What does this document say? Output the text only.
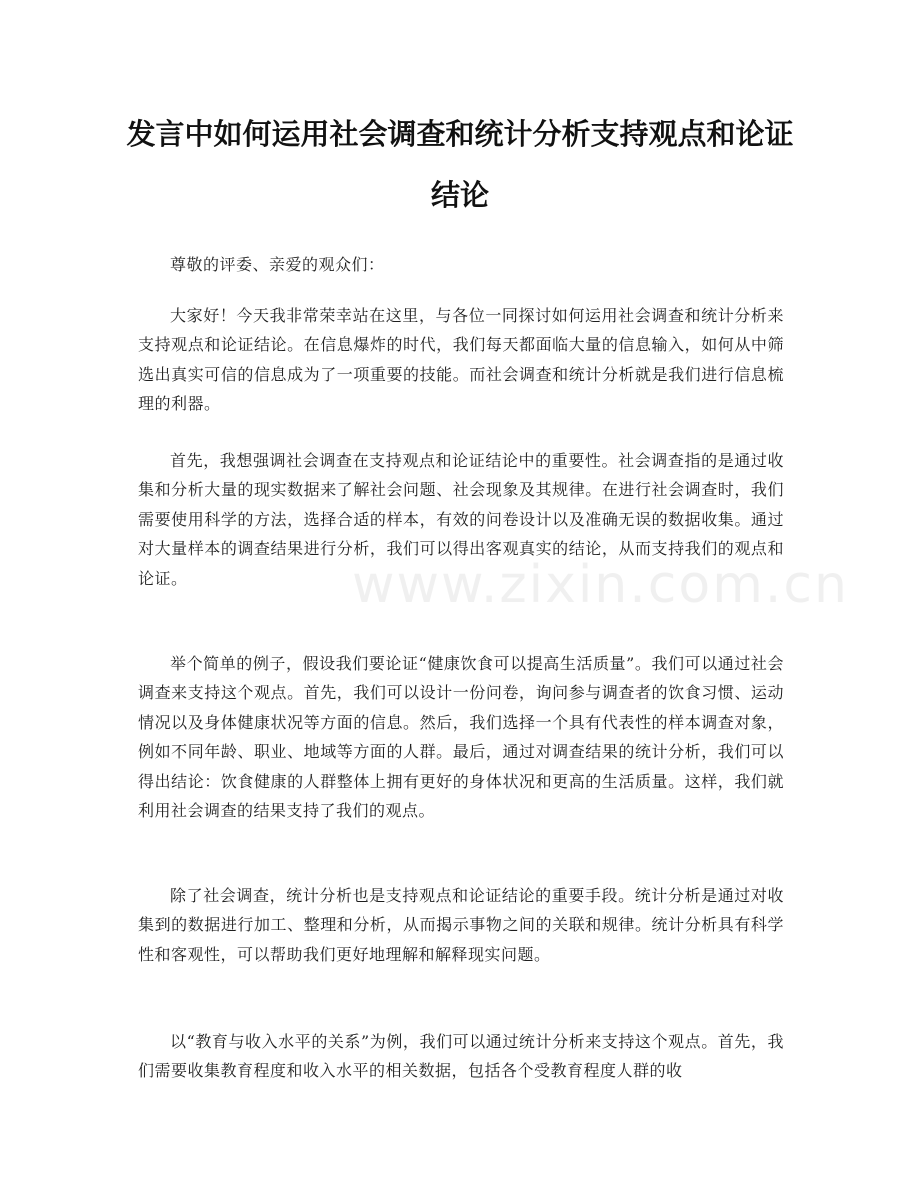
发言中如何运用社会调查和统计分析支持观点和论证结论
www.zixin.com.cn

尊敬的评委、亲爱的观众们：

大家好！今天我非常荣幸站在这里，与各位一同探讨如何运用社会调查和统计分析来支持观点和论证结论。在信息爆炸的时代，我们每天都面临大量的信息输入，如何从中筛选出真实可信的信息成为了一项重要的技能。而社会调查和统计分析就是我们进行信息梳理的利器。

首先，我想强调社会调查在支持观点和论证结论中的重要性。社会调查指的是通过收集和分析大量的现实数据来了解社会问题、社会现象及其规律。在进行社会调查时，我们需要使用科学的方法，选择合适的样本，有效的问卷设计以及准确无误的数据收集。通过对大量样本的调查结果进行分析，我们可以得出客观真实的结论，从而支持我们的观点和论证。

举个简单的例子，假设我们要论证“健康饮食可以提高生活质量”。我们可以通过社会调查来支持这个观点。首先，我们可以设计一份问卷，询问参与调查者的饮食习惯、运动情况以及身体健康状况等方面的信息。然后，我们选择一个具有代表性的样本调查对象，例如不同年龄、职业、地域等方面的人群。最后，通过对调查结果的统计分析，我们可以得出结论：饮食健康的人群整体上拥有更好的身体状况和更高的生活质量。这样，我们就利用社会调查的结果支持了我们的观点。

除了社会调查，统计分析也是支持观点和论证结论的重要手段。统计分析是通过对收集到的数据进行加工、整理和分析，从而揭示事物之间的关联和规律。统计分析具有科学性和客观性，可以帮助我们更好地理解和解释现实问题。

以“教育与收入水平的关系”为例，我们可以通过统计分析来支持这个观点。首先，我们需要收集教育程度和收入水平的相关数据，包括各个受教育程度人群的收
